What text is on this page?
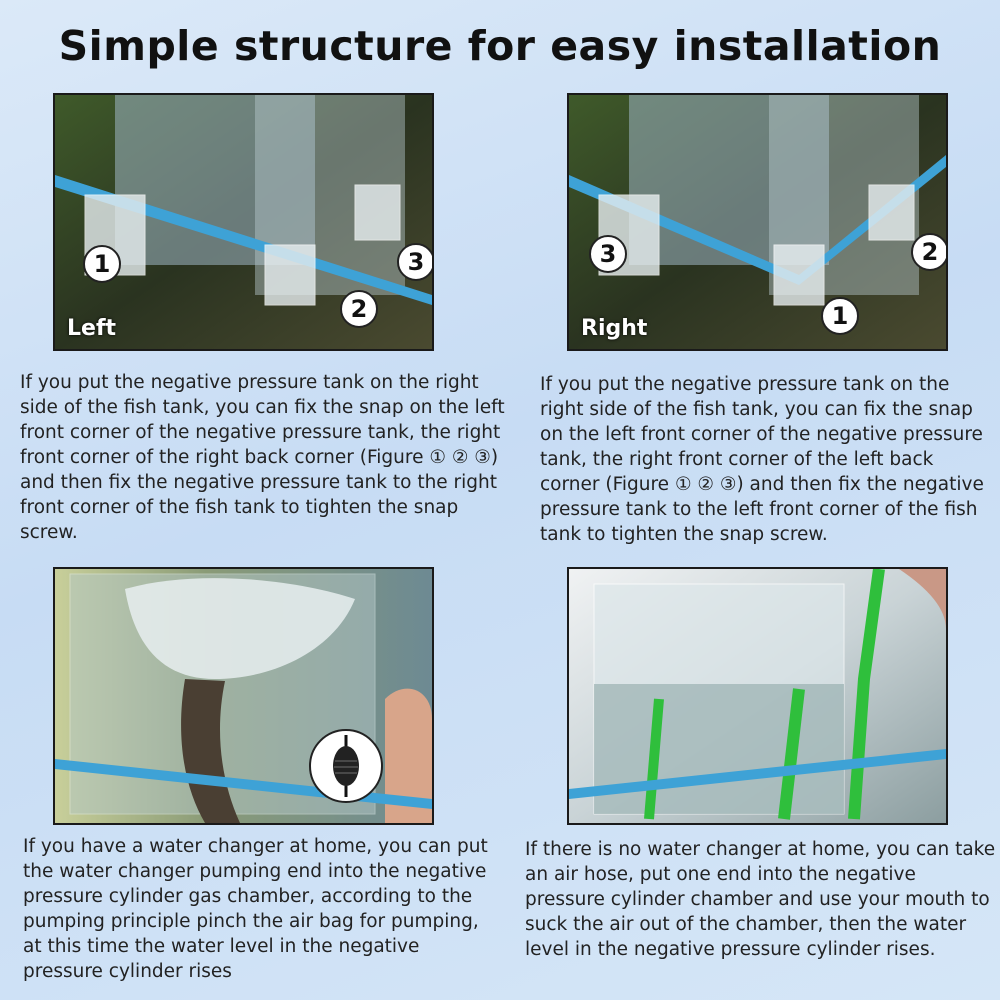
Simple structure for easy installation
1
2
3
Left
3	2
1
Right

If you put the negative pressure tank on the right side of the fish tank, you can fix the snap on the left front corner of the negative pressure tank, the right front corner of the right back corner (Figure ① ② ③) and then fix the negative pressure tank to the right front corner of the fish tank to tighten the snap screw.

If you put the negative pressure tank on the right side of the fish tank, you can fix the snap on the left front corner of the negative pressure tank, the right front corner of the left back corner (Figure ① ② ③) and then fix the negative pressure tank to the left front corner of the fish tank to tighten the snap screw.

If you have a water changer at home, you can put the water changer pumping end into the negative pressure cylinder gas chamber, according to the pumping principle pinch the air bag for pumping, at this time the water level in the negative pressure cylinder rises

If there is no water changer at home, you can take an air hose, put one end into the negative pressure cylinder chamber and use your mouth to suck the air out of the chamber, then the water level in the negative pressure cylinder rises.
